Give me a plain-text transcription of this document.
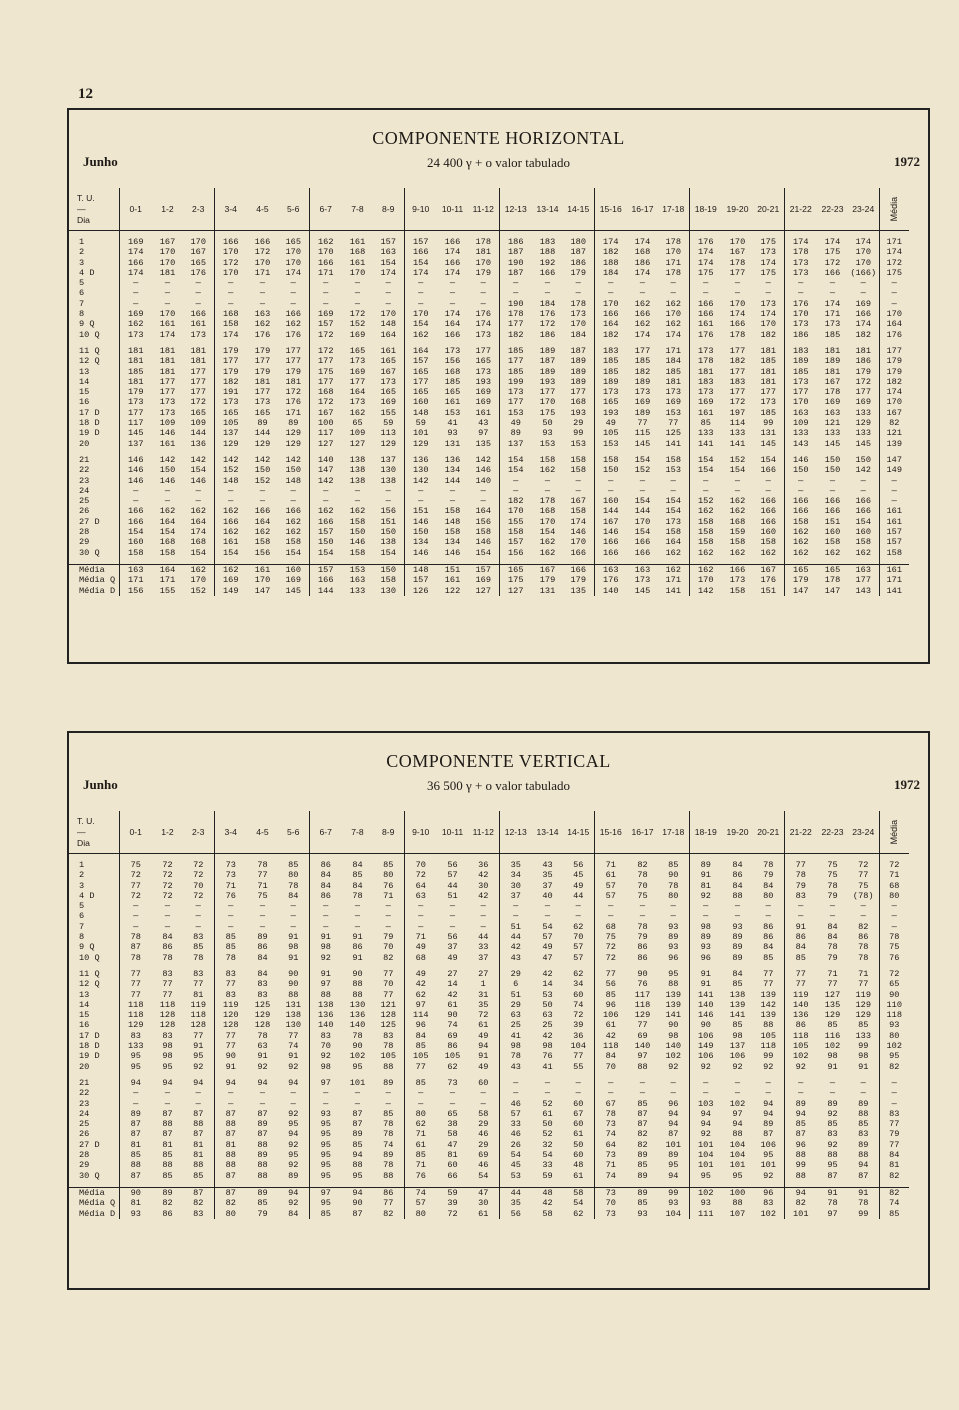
12
COMPONENTE HORIZONTAL
Junho	24 400 γ + o valor tabulado	1972
T. U.
—
Dia	0-1	1-2	2-3	3-4	4-5	5-6	6-7	7-8	8-9	9-10	10-11	11-12	12-13	13-14	14-15	15-16	16-17	17-18	18-19	19-20	20-21	21-22	22-23	23-24	Média

1	169	167	170	166	166	165	162	161	157	157	166	178	186	183	180	174	174	178	176	170	175	174	174	174	171
2	174	170	167	170	172	170	170	168	163	166	174	181	187	188	187	182	168	170	174	167	173	178	175	170	174
3	166	170	165	172	170	170	166	161	154	154	166	170	190	192	186	188	186	171	174	178	174	173	172	170	172
4 D	174	181	176	170	171	174	171	170	174	174	174	179	187	166	179	184	174	178	175	177	175	173	166	(166)	175
5	—	—	—	—	—	—	—	—	—	—	—	—	—	—	—	—	—	—	—	—	—	—	—	—	—
6	—	—	—	—	—	—	—	—	—	—	—	—	—	—	—	—	—	—	—	—	—	—	—	—	—
7	—	—	—	—	—	—	—	—	—	—	—	—	190	184	178	170	162	162	166	170	173	176	174	169	—
8	169	170	166	168	163	166	169	172	170	170	174	176	178	176	173	166	166	170	166	174	174	170	171	166	170
9 Q	162	161	161	158	162	162	157	152	148	154	164	174	177	172	170	164	162	162	161	166	170	173	173	174	164
10 Q	173	174	173	174	176	176	172	169	164	162	166	173	182	186	184	182	174	174	176	178	182	186	185	182	176

11 Q	181	181	181	179	179	177	172	165	161	164	173	177	185	189	187	183	177	171	173	177	181	183	181	181	177
12 Q	181	181	181	177	177	177	177	173	165	157	156	165	177	187	189	185	185	184	178	182	185	189	189	186	179
13	185	181	177	179	179	179	175	169	167	165	168	173	185	189	189	185	182	185	181	177	181	185	181	179	179
14	181	177	177	182	181	181	177	177	173	177	185	193	199	193	189	189	189	181	183	183	181	173	167	172	182
15	179	177	177	191	177	172	168	164	165	165	165	169	173	177	177	173	173	173	173	177	177	177	178	177	174
16	173	173	172	173	173	176	172	173	169	160	161	169	177	170	168	165	169	169	169	172	173	170	169	169	170
17 D	177	173	165	165	165	171	167	162	155	148	153	161	153	175	193	193	189	153	161	197	185	163	163	133	167
18 D	117	109	109	105	89	89	100	65	59	59	41	43	49	50	29	49	77	77	85	114	99	109	121	129	82
19 D	145	146	144	137	144	129	117	109	113	101	93	97	89	93	99	105	115	125	133	133	131	133	133	133	121
20	137	161	136	129	129	129	127	127	129	129	131	135	137	153	153	153	145	141	141	141	145	143	145	145	139

21	146	142	142	142	142	142	140	138	137	136	136	142	154	158	158	158	154	158	154	152	154	146	150	150	147
22	146	150	154	152	150	150	147	138	130	130	134	146	154	162	158	150	152	153	154	154	166	150	150	142	149
23	146	146	146	148	152	148	142	138	138	142	144	140	—	—	—	—	—	—	—	—	—	—	—	—	—
24	—	—	—	—	—	—	—	—	—	—	—	—	—	—	—	—	—	—	—	—	—	—	—	—	—
25	—	—	—	—	—	—	—	—	—	—	—	—	182	178	167	160	154	154	152	162	166	166	166	166	—
26	166	162	162	162	166	166	162	162	156	151	158	164	170	168	158	144	144	154	162	162	166	166	166	166	161
27 D	166	164	164	166	164	162	166	158	151	146	148	156	155	170	174	167	170	173	158	168	166	158	151	154	161
28	154	154	174	162	162	162	157	150	150	150	158	158	158	154	146	146	154	158	158	159	160	162	160	160	157
29	160	168	168	161	158	158	150	146	138	134	134	146	157	162	170	166	166	164	158	158	158	162	158	158	157
30 Q	158	158	154	154	156	154	154	158	154	146	146	154	156	162	166	166	166	162	162	162	162	162	162	162	158

Média	163	164	162	162	161	160	157	153	150	148	151	157	165	167	166	163	163	162	162	166	167	165	165	163	161
Média Q	171	171	170	169	170	169	166	163	158	157	161	169	175	179	179	176	173	171	170	173	176	179	178	177	171
Média D	156	155	152	149	147	145	144	133	130	126	122	127	127	131	135	140	145	141	142	158	151	147	147	143	141
COMPONENTE VERTICAL
Junho	36 500 γ + o valor tabulado	1972
T. U.
—
Dia	0-1	1-2	2-3	3-4	4-5	5-6	6-7	7-8	8-9	9-10	10-11	11-12	12-13	13-14	14-15	15-16	16-17	17-18	18-19	19-20	20-21	21-22	22-23	23-24	Média

1	75	72	72	73	78	85	86	84	85	70	56	36	35	43	56	71	82	85	89	84	78	77	75	72	72
2	72	72	72	73	77	80	84	85	80	72	57	42	34	35	45	61	78	90	91	86	79	78	75	77	71
3	77	72	70	71	71	78	84	84	76	64	44	30	30	37	49	57	70	78	81	84	84	79	78	75	68
4 D	72	72	72	76	75	84	86	78	71	63	51	42	37	40	44	57	75	80	92	88	80	83	79	(78)	80
5	—	—	—	—	—	—	—	—	—	—	—	—	—	—	—	—	—	—	—	—	—	—	—	—	—
6	—	—	—	—	—	—	—	—	—	—	—	—	—	—	—	—	—	—	—	—	—	—	—	—	—
7	—	—	—	—	—	—	—	—	—	—	—	—	51	54	62	68	78	93	98	93	86	91	84	82	—
8	78	84	83	85	89	91	91	91	79	71	56	44	44	57	70	75	79	89	89	89	86	86	84	86	78
9 Q	87	86	85	85	86	98	98	86	70	49	37	33	42	49	57	72	86	93	93	89	84	84	78	78	75
10 Q	78	78	78	78	84	91	92	91	82	68	49	37	43	47	57	72	86	96	96	89	85	85	79	78	76

11 Q	77	83	83	83	84	90	91	90	77	49	27	27	29	42	62	77	90	95	91	84	77	77	71	71	72
12 Q	77	77	77	77	83	90	97	88	70	42	14	1	6	14	34	56	76	88	91	85	77	77	77	77	65
13	77	77	81	83	83	88	88	88	77	62	42	31	51	53	60	85	117	139	141	138	139	119	127	119	90
14	118	118	119	119	125	131	138	130	121	97	61	35	29	50	74	96	118	139	140	139	142	140	135	129	110
15	118	128	118	120	129	138	136	136	128	114	90	72	63	63	72	106	129	141	146	141	139	136	129	129	118
16	129	128	128	128	128	130	140	140	125	96	74	61	25	25	39	61	77	90	90	85	88	86	85	85	93
17 D	83	83	77	77	78	77	83	78	83	84	69	49	41	42	36	42	69	98	106	98	105	118	116	133	80
18 D	133	98	91	77	63	74	70	90	78	85	86	94	98	98	104	118	140	140	149	137	118	105	102	99	102
19 D	95	98	95	90	91	91	92	102	105	105	105	91	78	76	77	84	97	102	106	106	99	102	98	98	95
20	95	95	92	91	92	92	98	95	88	77	62	49	43	41	55	70	88	92	92	92	92	92	91	91	82

21	94	94	94	94	94	94	97	101	89	85	73	60	—	—	—	—	—	—	—	—	—	—	—	—	—
22	—	—	—	—	—	—	—	—	—	—	—	—	—	—	—	—	—	—	—	—	—	—	—	—	—
23	—	—	—	—	—	—	—	—	—	—	—	—	46	52	60	67	85	96	103	102	94	89	89	89	—
24	89	87	87	87	87	92	93	87	85	80	65	58	57	61	67	78	87	94	94	97	94	94	92	88	83
25	87	88	88	88	89	95	95	87	78	62	38	29	33	50	60	73	87	94	94	94	89	85	85	85	77
26	87	87	87	87	87	94	95	89	78	71	58	46	46	52	61	74	82	87	92	88	87	87	83	83	79
27 D	81	81	81	81	88	92	95	85	74	61	47	29	26	32	50	64	82	101	101	104	106	96	92	89	77
28	85	85	81	88	89	95	95	94	89	85	81	69	54	54	60	73	89	89	104	104	95	88	88	88	84
29	88	88	88	88	88	92	95	88	78	71	60	46	45	33	48	71	85	95	101	101	101	99	95	94	81
30 Q	87	85	85	87	88	89	95	95	88	76	66	54	53	59	61	74	89	94	95	95	92	88	87	87	82

Média	90	89	87	87	89	94	97	94	86	74	59	47	44	48	58	73	89	99	102	100	96	94	91	91	82
Média Q	81	82	82	82	85	92	95	90	77	57	39	30	35	42	54	70	85	93	93	88	83	82	78	78	74
Média D	93	86	83	80	79	84	85	87	82	80	72	61	56	58	62	73	93	104	111	107	102	101	97	99	85
